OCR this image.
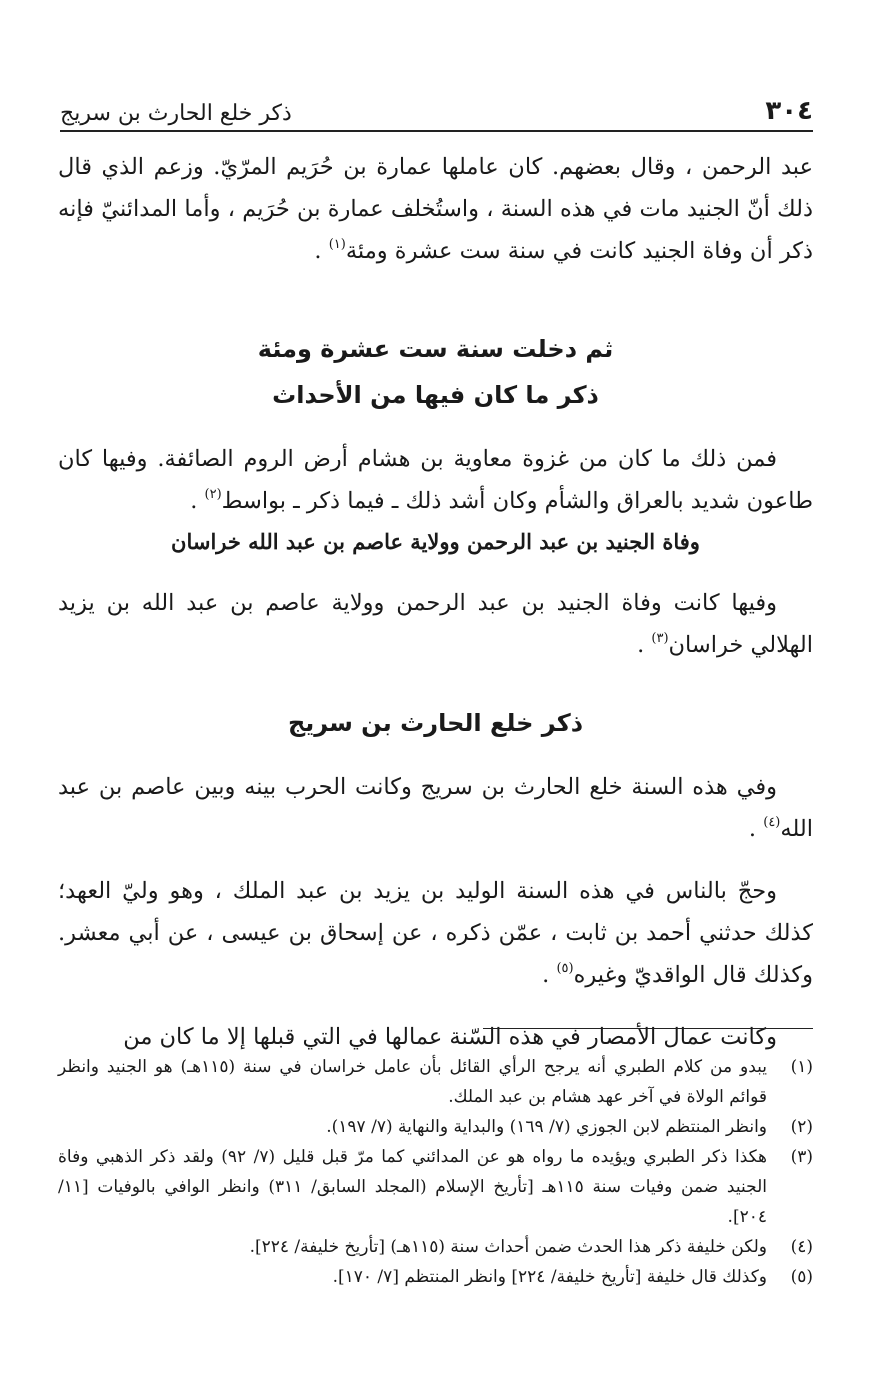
٣٠٤
ذكر خلع الحارث بن سريج

عبد الرحمن ، وقال بعضهم. كان عاملها عمارة بن حُرَيم المرّيّ. وزعم الذي قال ذلك أنّ الجنيد مات في هذه السنة ، واستُخلف عمارة بن حُرَيم ، وأما المدائنيّ فإنه ذكر أن وفاة الجنيد كانت في سنة ست عشرة ومئة$^{(١)}$ .

ثم دخلت سنة ست عشرة ومئة
ذكر ما كان فيها من الأحداث

فمن ذلك ما كان من غزوة معاوية بن هشام أرض الروم الصائفة. وفيها كان طاعون شديد بالعراق والشأم وكان أشد ذلك ـ فيما ذكر ـ بواسط$^{(٢)}$ .

وفاة الجنيد بن عبد الرحمن وولاية عاصم بن عبد الله خراسان

وفيها كانت وفاة الجنيد بن عبد الرحمن وولاية عاصم بن عبد الله بن يزيد الهلالي خراسان$^{(٣)}$ .

ذكر خلع الحارث بن سريج

وفي هذه السنة خلع الحارث بن سريج وكانت الحرب بينه وبين عاصم بن عبد الله$^{(٤)}$ .

وحجّ بالناس في هذه السنة الوليد بن يزيد بن عبد الملك ، وهو وليّ العهد؛ كذلك حدثني أحمد بن ثابت ، عمّن ذكره ، عن إسحاق بن عيسى ، عن أبي معشر. وكذلك قال الواقديّ وغيره$^{(٥)}$ .

وكانت عمال الأمصار في هذه السّنة عمالها في التي قبلها إلا ما كان من

(١)
يبدو من كلام الطبري أنه يرجح الرأي القائل بأن عامل خراسان في سنة (١١٥هـ) هو الجنيد وانظر قوائم الولاة في آخر عهد هشام بن عبد الملك.
(٢)
وانظر المنتظم لابن الجوزي (٧/ ١٦٩) والبداية والنهاية (٧/ ١٩٧).
(٣)
هكذا ذكر الطبري ويؤيده ما رواه هو عن المدائني كما مرّ قبل قليل (٧/ ٩٢) ولقد ذكر الذهبي وفاة الجنيد ضمن وفيات سنة ١١٥هـ [تأريخ الإسلام (المجلد السابق/ ٣١١) وانظر الوافي بالوفيات [١١/ ٢٠٤].
(٤)
ولكن خليفة ذكر هذا الحدث ضمن أحداث سنة (١١٥هـ) [تأريخ خليفة/ ٢٢٤].
(٥)
وكذلك قال خليفة [تأريخ خليفة/ ٢٢٤] وانظر المنتظم [٧/ ١٧٠].
